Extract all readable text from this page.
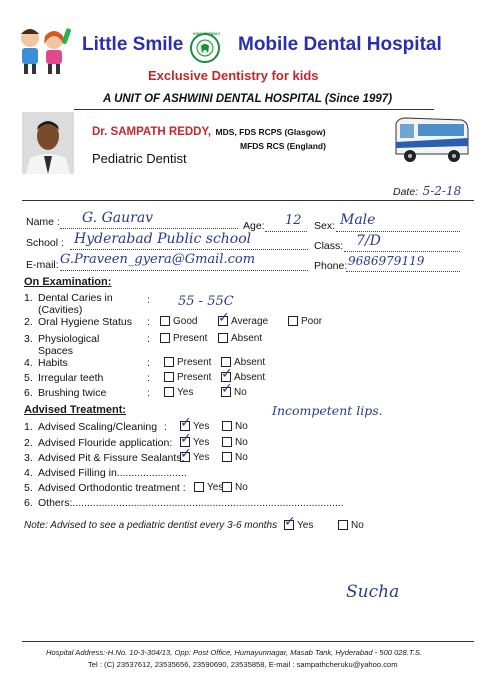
Little Smile	KIDS FRIENDLY Mobile Dental Hospital
Exclusive Dentistry for kids
A UNIT OF ASHWINI DENTAL HOSPITAL (Since 1997)
Dr. SAMPATH REDDY, MDS, FDS RCPS (Glasgow)
MFDS RCS (England)
Pediatric Dentist
Date: 5-2-18
Name : G. Gaurav	Age: 12 Sex: Male
School : Hyderabad Public school	Class: 7/D
E-mail: G.Praveen_gyera@Gmail.com	Phone: 9686979119
On Examination:
1. Dental Caries in
(Cavities)
: 55 - 55C
2. Oral Hygiene Status :	Good ✓ Average	Poor
3. Physiological
Spaces
:	Present	Absent
4. Habits	:	Present	Absent
5. Irregular teeth	:	Present ✓ Absent
6. Brushing twice	:	Yes ✓ No
Advised Treatment:	Incompetent lips.
1. Advised Scaling/Cleaning : ✓ Yes	No
2. Advised Flouride application: ✓ Yes	No
3. Advised Pit & Fissure Sealants:
✓ Yes	No
4. Advised Filling in........................
5. Advised Orthodontic treatment :	Yes	No
6. Others:.............................................................................................
Note: Advised to see a pediatric dentist every 3-6 months ✓ Yes	No
Sucha
Hospital Address:-H.No. 10-3-304/13, Opp: Post Office, Humayunnagar, Masab Tank, Hyderabad - 500 028.T.S.
Tel : (C) 23537612, 23535656, 23590690, 23535858, E-mail : sampathcheruku@yahoo.com
